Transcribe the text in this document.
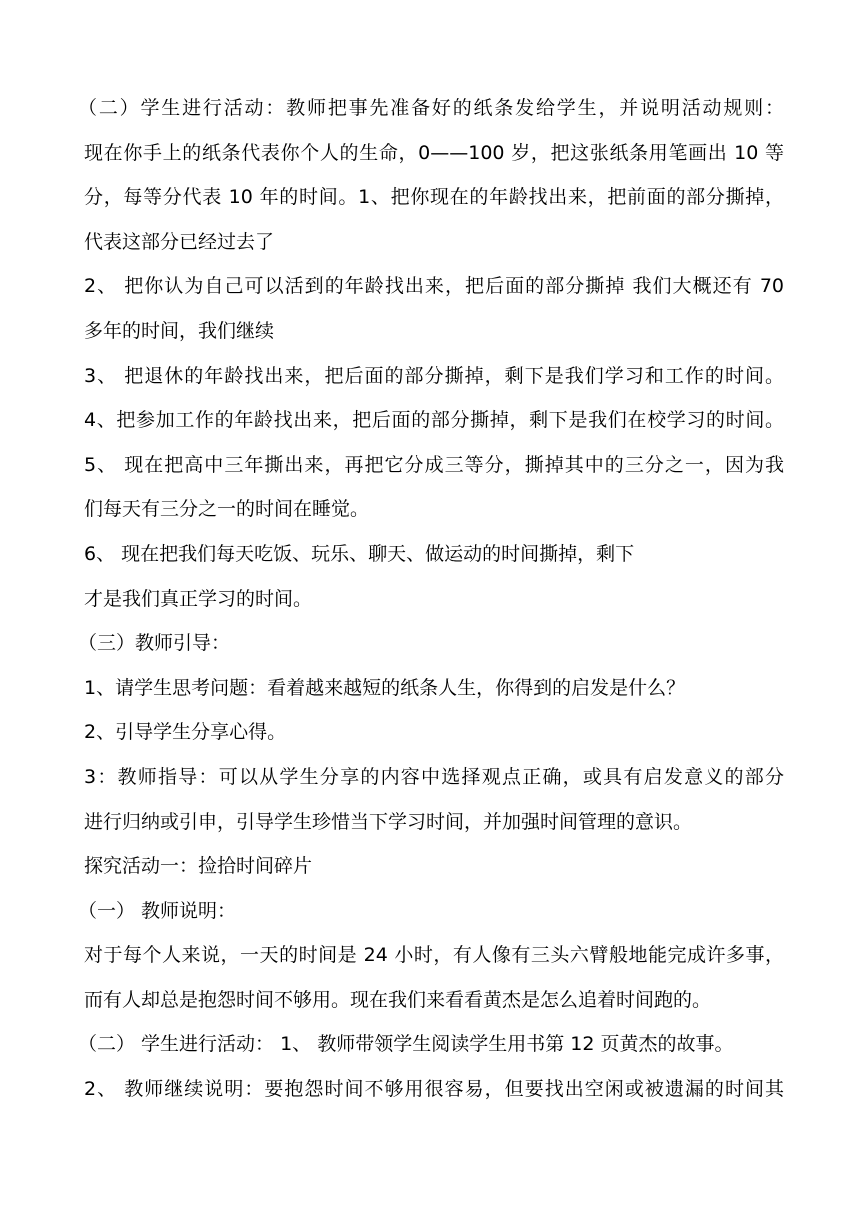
（二）学生进行活动：教师把事先准备好的纸条发给学生，并说明活动规则：
现在你手上的纸条代表你个人的生命，0——100 岁，把这张纸条用笔画出 10 等
分，每等分代表 10 年的时间。1、把你现在的年龄找出来，把前面的部分撕掉，
代表这部分已经过去了
2、 把你认为自己可以活到的年龄找出来，把后面的部分撕掉 我们大概还有 70
多年的时间，我们继续
3、 把退休的年龄找出来，把后面的部分撕掉，剩下是我们学习和工作的时间。
4、把参加工作的年龄找出来，把后面的部分撕掉，剩下是我们在校学习的时间。
5、 现在把高中三年撕出来，再把它分成三等分，撕掉其中的三分之一，因为我
们每天有三分之一的时间在睡觉。
6、 现在把我们每天吃饭、玩乐、聊天、做运动的时间撕掉，剩下
才是我们真正学习的时间。
（三）教师引导：
1、请学生思考问题：看着越来越短的纸条人生，你得到的启发是什么？
2、引导学生分享心得。
3：教师指导：可以从学生分享的内容中选择观点正确，或具有启发意义的部分
进行归纳或引申，引导学生珍惜当下学习时间，并加强时间管理的意识。
探究活动一：捡拾时间碎片
（一） 教师说明：
对于每个人来说，一天的时间是 24 小时，有人像有三头六臂般地能完成许多事，
而有人却总是抱怨时间不够用。现在我们来看看黄杰是怎么追着时间跑的。
（二） 学生进行活动： 1、 教师带领学生阅读学生用书第 12 页黄杰的故事。
2、 教师继续说明：要抱怨时间不够用很容易，但要找出空闲或被遗漏的时间其
